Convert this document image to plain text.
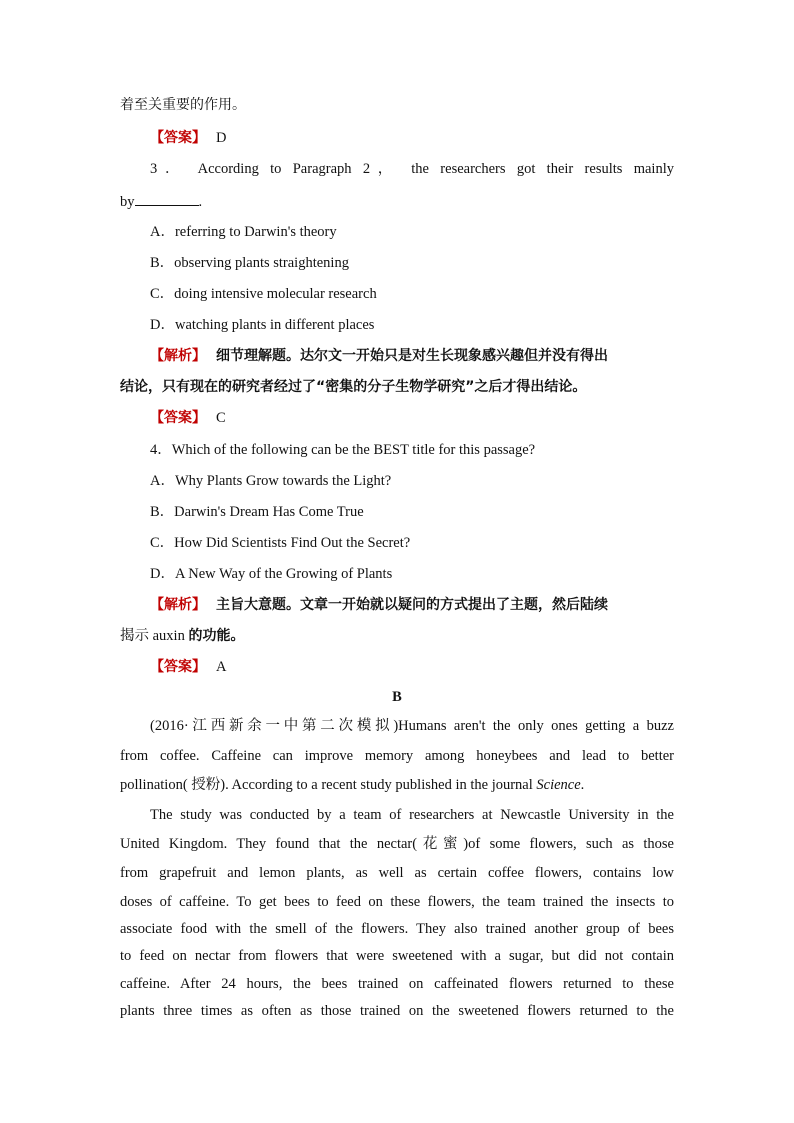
着至关重要的作用。
【答案】 D
3． According to Paragraph 2， the researchers got their results mainly
by	.
A．referring to Darwin's theory
B．observing plants straightening
C．doing intensive molecular research
D．watching plants in different places
【解析】 细节理解题。达尔文一开始只是对生长现象感兴趣但并没有得出
结论，只有现在的研究者经过了“密集的分子生物学研究”之后才得出结论。
【答案】 C
4．Which of the following can be the BEST title for this passage?
A．Why Plants Grow towards the Light?
B．Darwin's Dream Has Come True
C．How Did Scientists Find Out the Secret?
D．A New Way of the Growing of Plants
【解析】 主旨大意题。文章一开始就以疑问的方式提出了主题，然后陆续
揭示 auxin 的功能。
【答案】 A
B
(2016·江西新余一中第二次模拟)Humans aren't the only ones getting a buzz
from coffee. Caffeine can improve memory among honeybees and lead to better
pollination( 授粉). According to a recent study published in the journal Science.
The study was conducted by a team of researchers at Newcastle University in the
United Kingdom. They found that the nectar(花蜜)of some flowers, such as those
from grapefruit and lemon plants, as well as certain coffee flowers, contains low
doses of caffeine. To get bees to feed on these flowers, the team trained the insects to
associate food with the smell of the flowers. They also trained another group of bees
to feed on nectar from flowers that were sweetened with a sugar, but did not contain
caffeine. After 24 hours, the bees trained on caffeinated flowers returned to these
plants three times as often as those trained on the sweetened flowers returned to the
